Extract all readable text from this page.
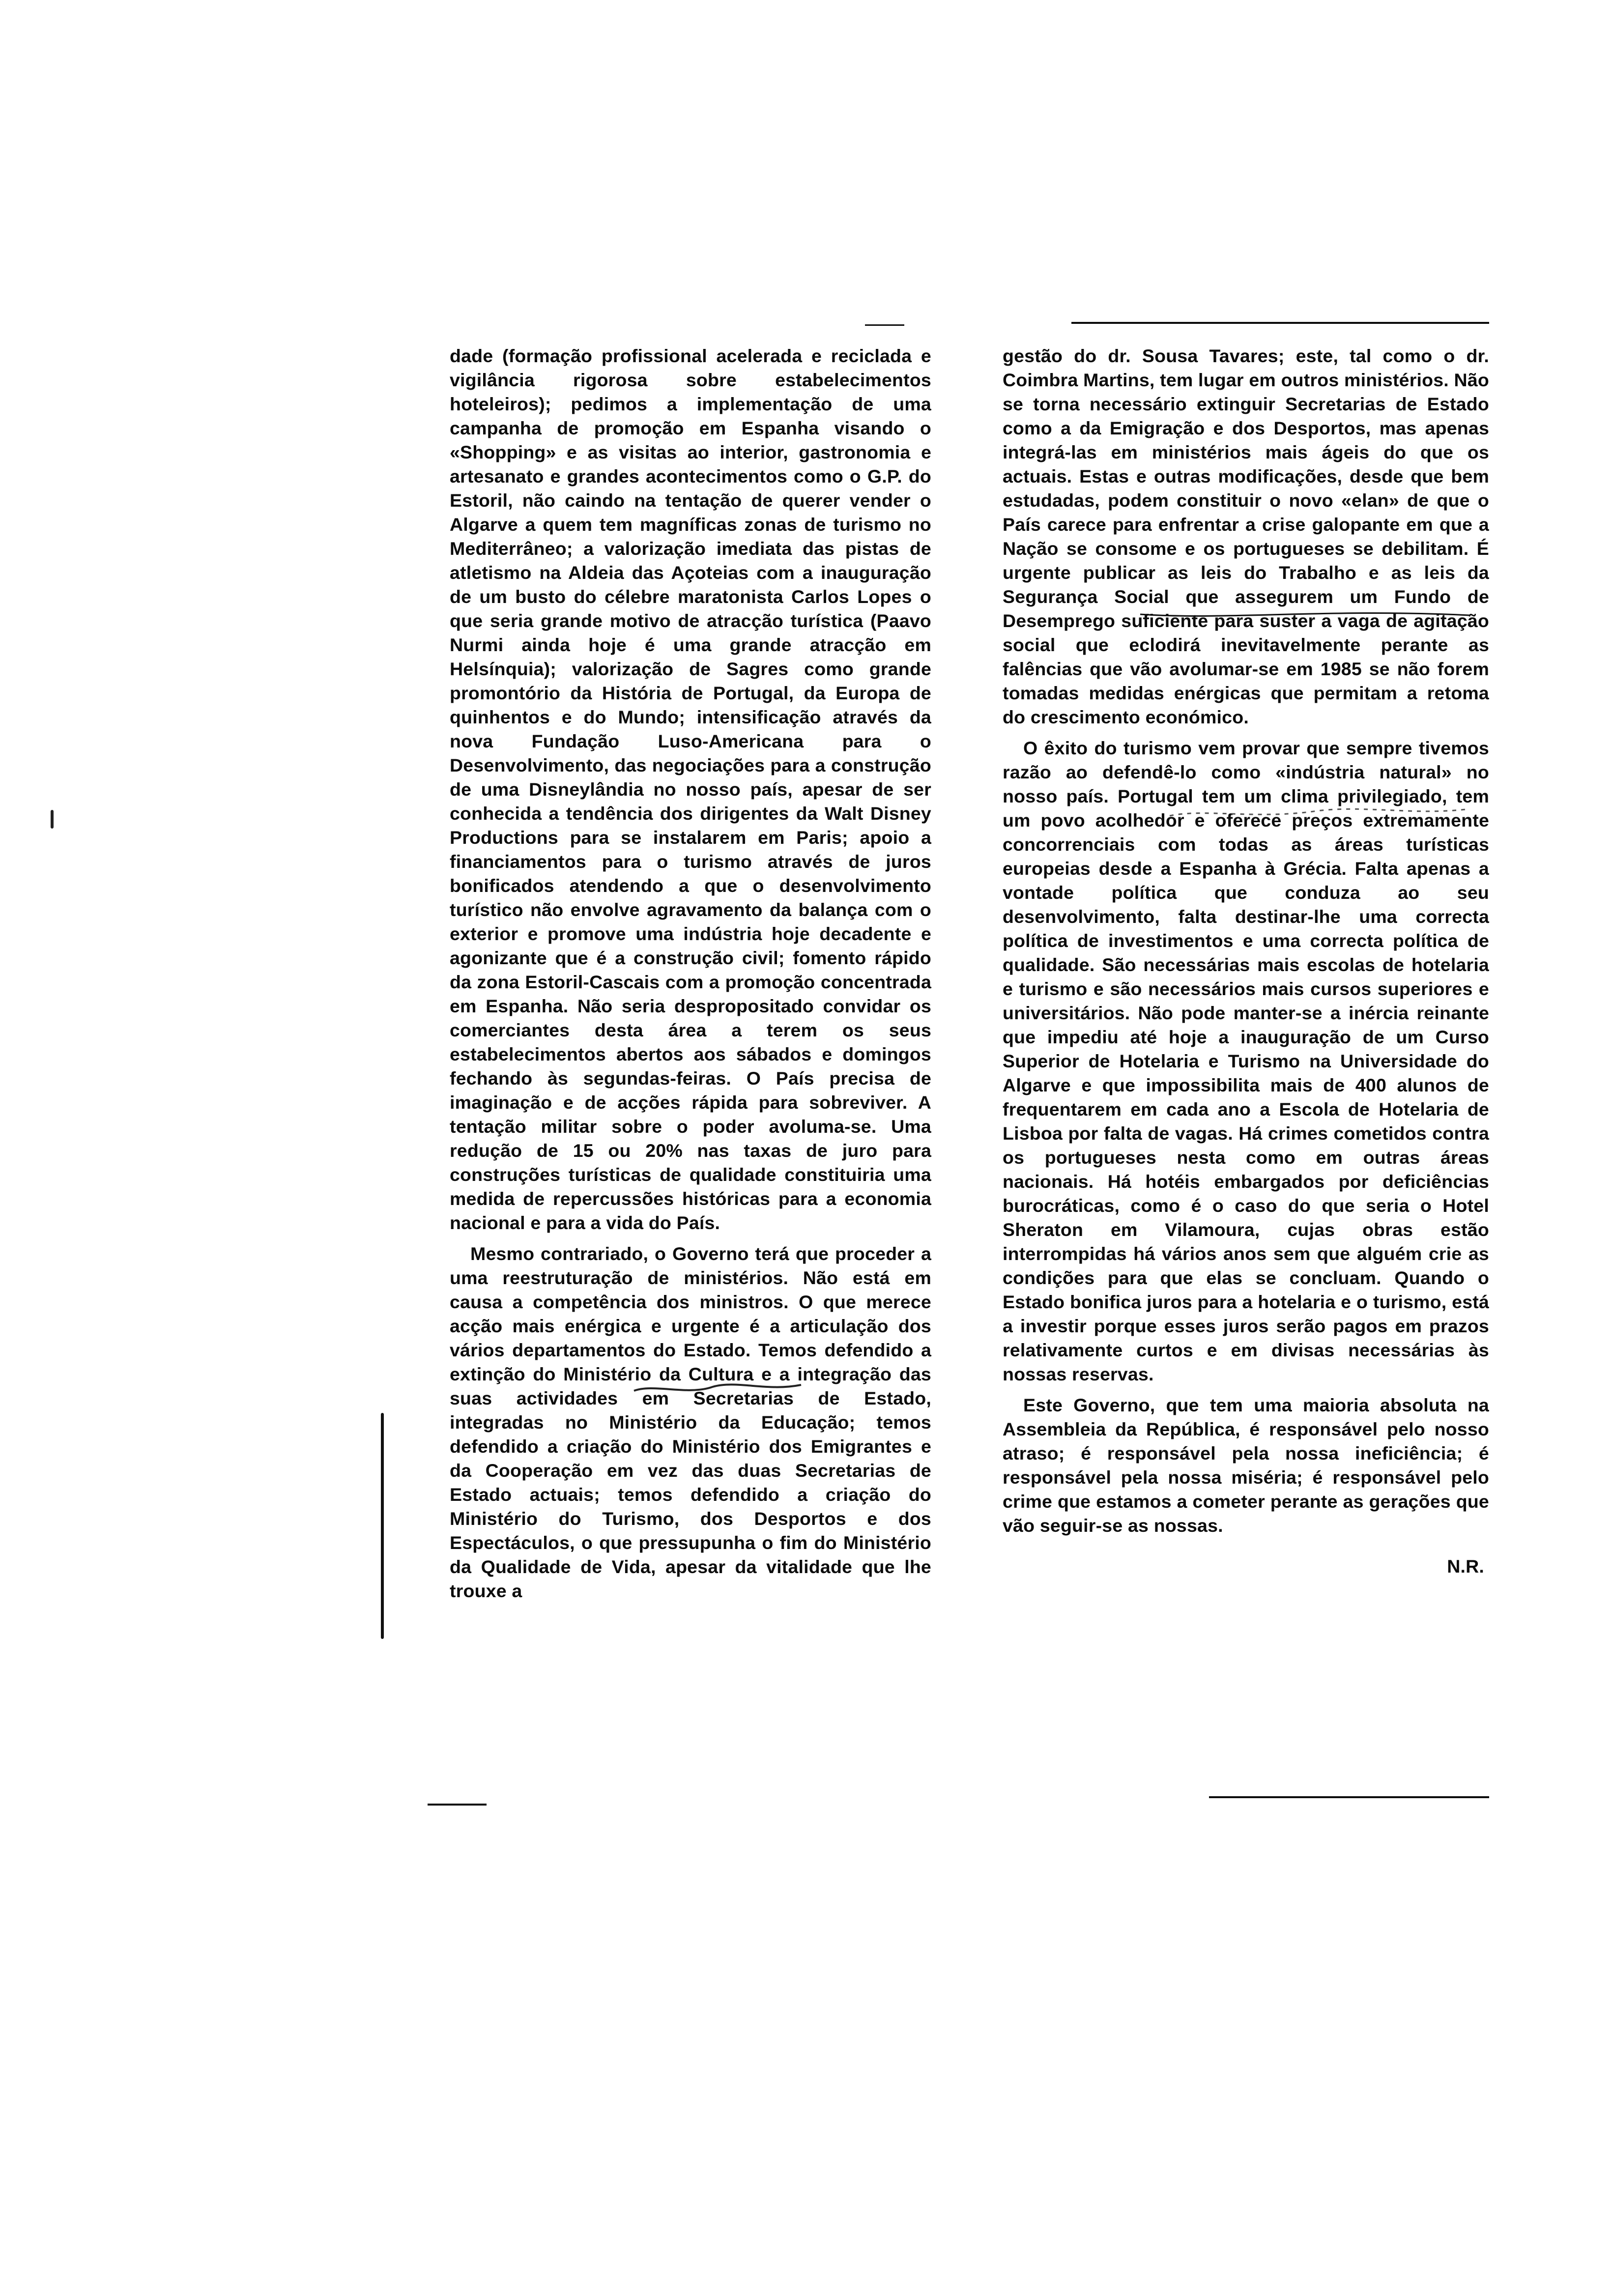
dade (formação profissional acelerada e reciclada e vigilância rigorosa sobre estabelecimentos hoteleiros); pedimos a implementação de uma campanha de promoção em Espanha visando o «Shopping» e as visitas ao interior, gastronomia e artesanato e grandes acontecimentos como o G.P. do Estoril, não caindo na tentação de querer vender o Algarve a quem tem magníficas zonas de turismo no Mediterrâneo; a valorização imediata das pistas de atletismo na Aldeia das Açoteias com a inauguração de um busto do célebre maratonista Carlos Lopes o que seria grande motivo de atracção turística (Paavo Nurmi ainda hoje é uma grande atracção em Helsínquia); valorização de Sagres como grande promontório da História de Portugal, da Europa de quinhentos e do Mundo; intensificação através da nova Fundação Luso-Americana para o Desenvolvimento, das negociações para a construção de uma Disneylândia no nosso país, apesar de ser conhecida a tendência dos dirigentes da Walt Disney Productions para se instalarem em Paris; apoio a financiamentos para o turismo através de juros bonificados atendendo a que o desenvolvimento turístico não envolve agravamento da balança com o exterior e promove uma indústria hoje decadente e agonizante que é a construção civil; fomento rápido da zona Estoril-Cascais com a promoção concentrada em Espanha. Não seria despropositado convidar os comerciantes desta área a terem os seus estabelecimentos abertos aos sábados e domingos fechando às segundas-feiras. O País precisa de imaginação e de acções rápida para sobreviver. A tentação militar sobre o poder avoluma-se. Uma redução de 15 ou 20% nas taxas de juro para construções turísticas de qualidade constituiria uma medida de repercussões históricas para a economia nacional e para a vida do País.

Mesmo contrariado, o Governo terá que proceder a uma reestruturação de ministérios. Não está em causa a competência dos ministros. O que merece acção mais enérgica e urgente é a articulação dos vários departamentos do Estado. Temos defendido a extinção do Ministério da Cultura e a integração das suas actividades em Secretarias de Estado, integradas no Ministério da Educação; temos defendido a criação do Ministério dos Emigrantes e da Cooperação em vez das duas Secretarias de Estado actuais; temos defendido a criação do Ministério do Turismo, dos Desportos e dos Espectáculos, o que pressupunha o fim do Ministério da Qualidade de Vida, apesar da vitalidade que lhe trouxe a

gestão do dr. Sousa Tavares; este, tal como o dr. Coimbra Martins, tem lugar em outros ministérios. Não se torna necessário extinguir Secretarias de Estado como a da Emigração e dos Desportos, mas apenas integrá-las em ministérios mais ágeis do que os actuais. Estas e outras modificações, desde que bem estudadas, podem constituir o novo «elan» de que o País carece para enfrentar a crise galopante em que a Nação se consome e os portugueses se debilitam. É urgente publicar as leis do Trabalho e as leis da Segurança Social que assegurem um Fundo de Desemprego suficiente para suster a vaga de agitação social que eclodirá inevitavelmente perante as falências que vão avolumar-se em 1985 se não forem tomadas medidas enérgicas que permitam a retoma do crescimento económico.

O êxito do turismo vem provar que sempre tivemos razão ao defendê-lo como «indústria natural» no nosso país. Portugal tem um clima privilegiado, tem um povo acolhedor e oferece preços extremamente concorrenciais com todas as áreas turísticas europeias desde a Espanha à Grécia. Falta apenas a vontade política que conduza ao seu desenvolvimento, falta destinar-lhe uma correcta política de investimentos e uma correcta política de qualidade. São necessárias mais escolas de hotelaria e turismo e são necessários mais cursos superiores e universitários. Não pode manter-se a inércia reinante que impediu até hoje a inauguração de um Curso Superior de Hotelaria e Turismo na Universidade do Algarve e que impossibilita mais de 400 alunos de frequentarem em cada ano a Escola de Hotelaria de Lisboa por falta de vagas. Há crimes cometidos contra os portugueses nesta como em outras áreas nacionais. Há hotéis embargados por deficiências burocráticas, como é o caso do que seria o Hotel Sheraton em Vilamoura, cujas obras estão interrompidas há vários anos sem que alguém crie as condições para que elas se concluam. Quando o Estado bonifica juros para a hotelaria e o turismo, está a investir porque esses juros serão pagos em prazos relativamente curtos e em divisas necessárias às nossas reservas.

Este Governo, que tem uma maioria absoluta na Assembleia da República, é responsável pelo nosso atraso; é responsável pela nossa ineficiência; é responsável pela nossa miséria; é responsável pelo crime que estamos a cometer perante as gerações que vão seguir-se as nossas.

N.R.
